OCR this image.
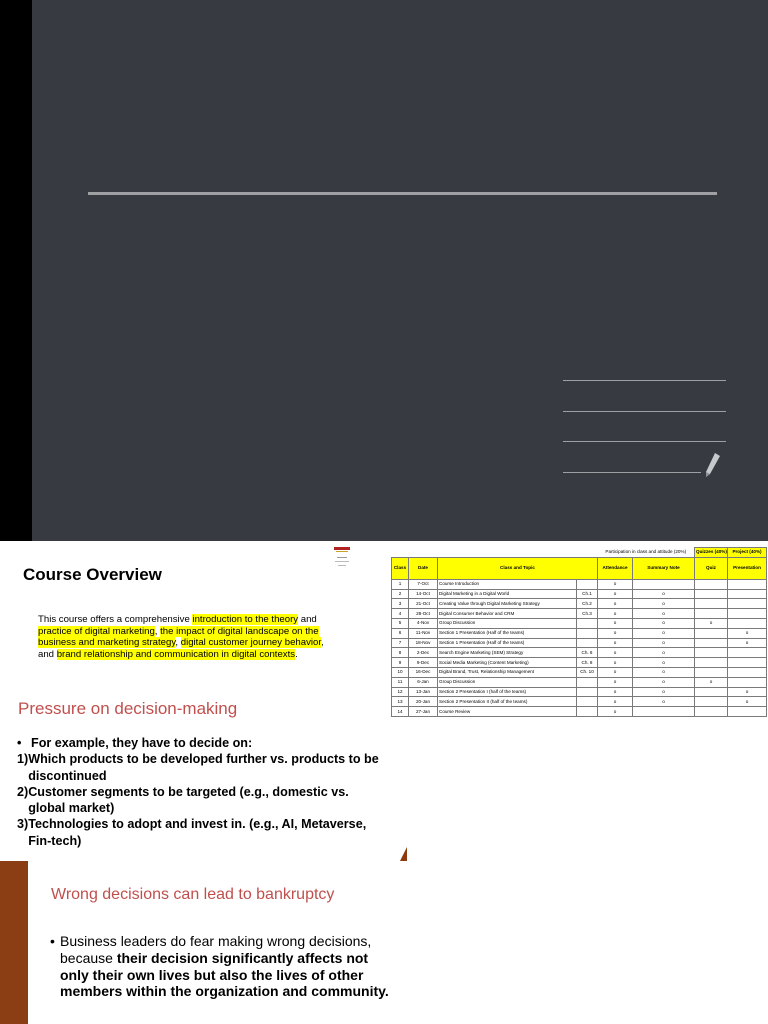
Course Overview
This course offers a comprehensive introduction to the theory and practice of digital marketing, the impact of digital landscape on the business and marketing strategy, digital customer journey behavior, and brand relationship and communication in digital contexts.
				Participation in class and attitude (20%)		Quizzes (40%)	Project (40%)
Class	Date	Class and Topic		Attendance	Summary Note	Quiz	Presentation
1	7-Oct	Course Introduction		o			
2	14-Oct	Digital Marketing in a Digital World	Ch.1	o	o		
3	21-Oct	Creating Value through Digital Marketing Strategy	Ch.2	o	o		
4	28-Oct	Digital Consumer Behavior and CRM	Ch.3	o	o		
5	4-Nov	Group Discussion		o	o	o	
6	11-Nov	Section 1 Presentation (Half of the teams)		o	o		o
7	18-Nov	Section 1 Presentation (Half of the teams)		o	o		o
8	2-Dec	Search Engine Marketing (SEM) Strategy	Ch. 6	o	o		
9	9-Dec	Social Media Marketing (Content Marketing)	Ch. 8	o	o		
10	16-Dec	Digital Brand, Trust, Relationship Management	Ch. 10	o	o		
11	6-Jan	Group Discussion		o	o	o	
12	13-Jan	Section 2 Presentation I (half of the teams)		o	o		o
13	20-Jan	Section 2 Presentation II (half of the teams)		o	o		o
14	27-Jan	Course Review		o			
Pressure on decision-making
• For example, they have to decide on:
1) Which products to be developed further vs. products to be discontinued
2) Customer segments to be targeted (e.g., domestic vs. global market)
3) Technologies to adopt and invest in. (e.g., AI, Metaverse, Fin-tech)
Wrong decisions can lead to bankruptcy
• Business leaders do fear making wrong decisions, because their decision significantly affects not only their own lives but also the lives of other members within the organization and community.
